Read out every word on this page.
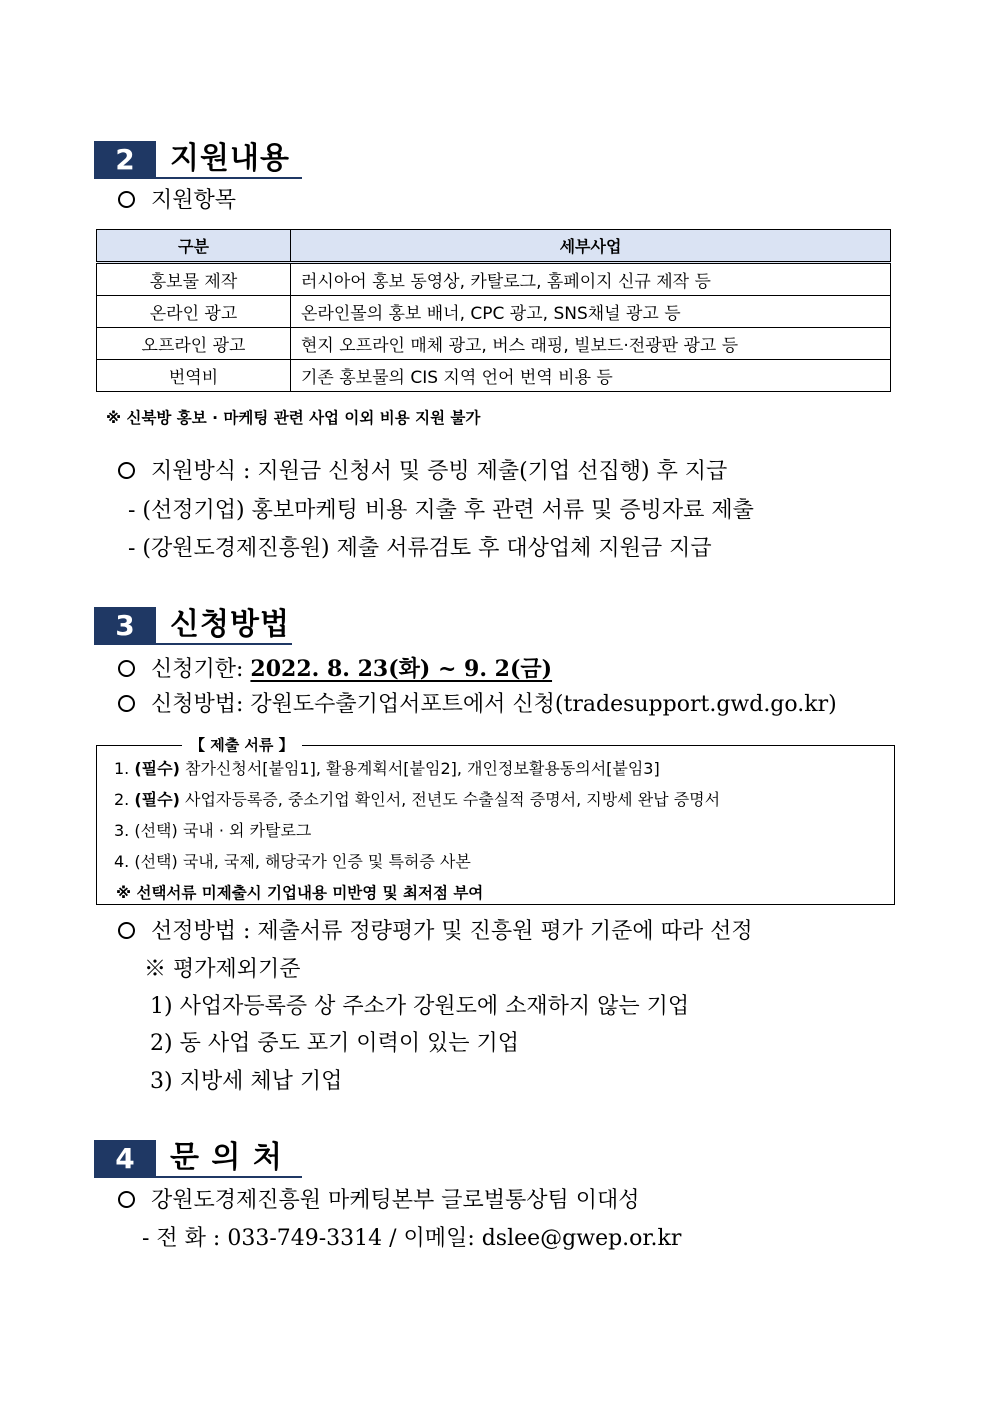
2	지원내용
지원항목
구분	세부사업
홍보물 제작	러시아어 홍보 동영상, 카탈로그, 홈페이지 신규 제작 등
온라인 광고	온라인몰의 홍보 배너, CPC 광고, SNS채널 광고 등
오프라인 광고	현지 오프라인 매체 광고, 버스 래핑, 빌보드·전광판 광고 등
번역비	기존 홍보물의 CIS 지역 언어 번역 비용 등
※ 신북방 홍보 · 마케팅 관련 사업 이외 비용 지원 불가
지원방식 : 지원금 신청서 및 증빙 제출(기업 선집행) 후 지급
- (선정기업) 홍보마케팅 비용 지출 후 관련 서류 및 증빙자료 제출
- (강원도경제진흥원) 제출 서류검토 후 대상업체 지원금 지급
3	신청방법
신청기한: 2022. 8. 23(화) ~ 9. 2(금)
신청방법: 강원도수출기업서포트에서 신청(tradesupport.gwd.go.kr)
【 제출 서류 】
1. (필수) 참가신청서[붙임1], 활용계획서[붙임2], 개인정보활용동의서[붙임3]
2. (필수) 사업자등록증, 중소기업 확인서, 전년도 수출실적 증명서, 지방세 완납 증명서
3. (선택) 국내 · 외 카탈로그
4. (선택) 국내, 국제, 해당국가 인증 및 특허증 사본
※ 선택서류 미제출시 기업내용 미반영 및 최저점 부여
선정방법 : 제출서류 정량평가 및 진흥원 평가 기준에 따라 선정
※ 평가제외기준
1) 사업자등록증 상 주소가 강원도에 소재하지 않는 기업
2) 동 사업 중도 포기 이력이 있는 기업
3) 지방세 체납 기업
4	문 의 처
강원도경제진흥원 마케팅본부 글로벌통상팀 이대성
- 전 화 : 033-749-3314 / 이메일: dslee@gwep.or.kr
